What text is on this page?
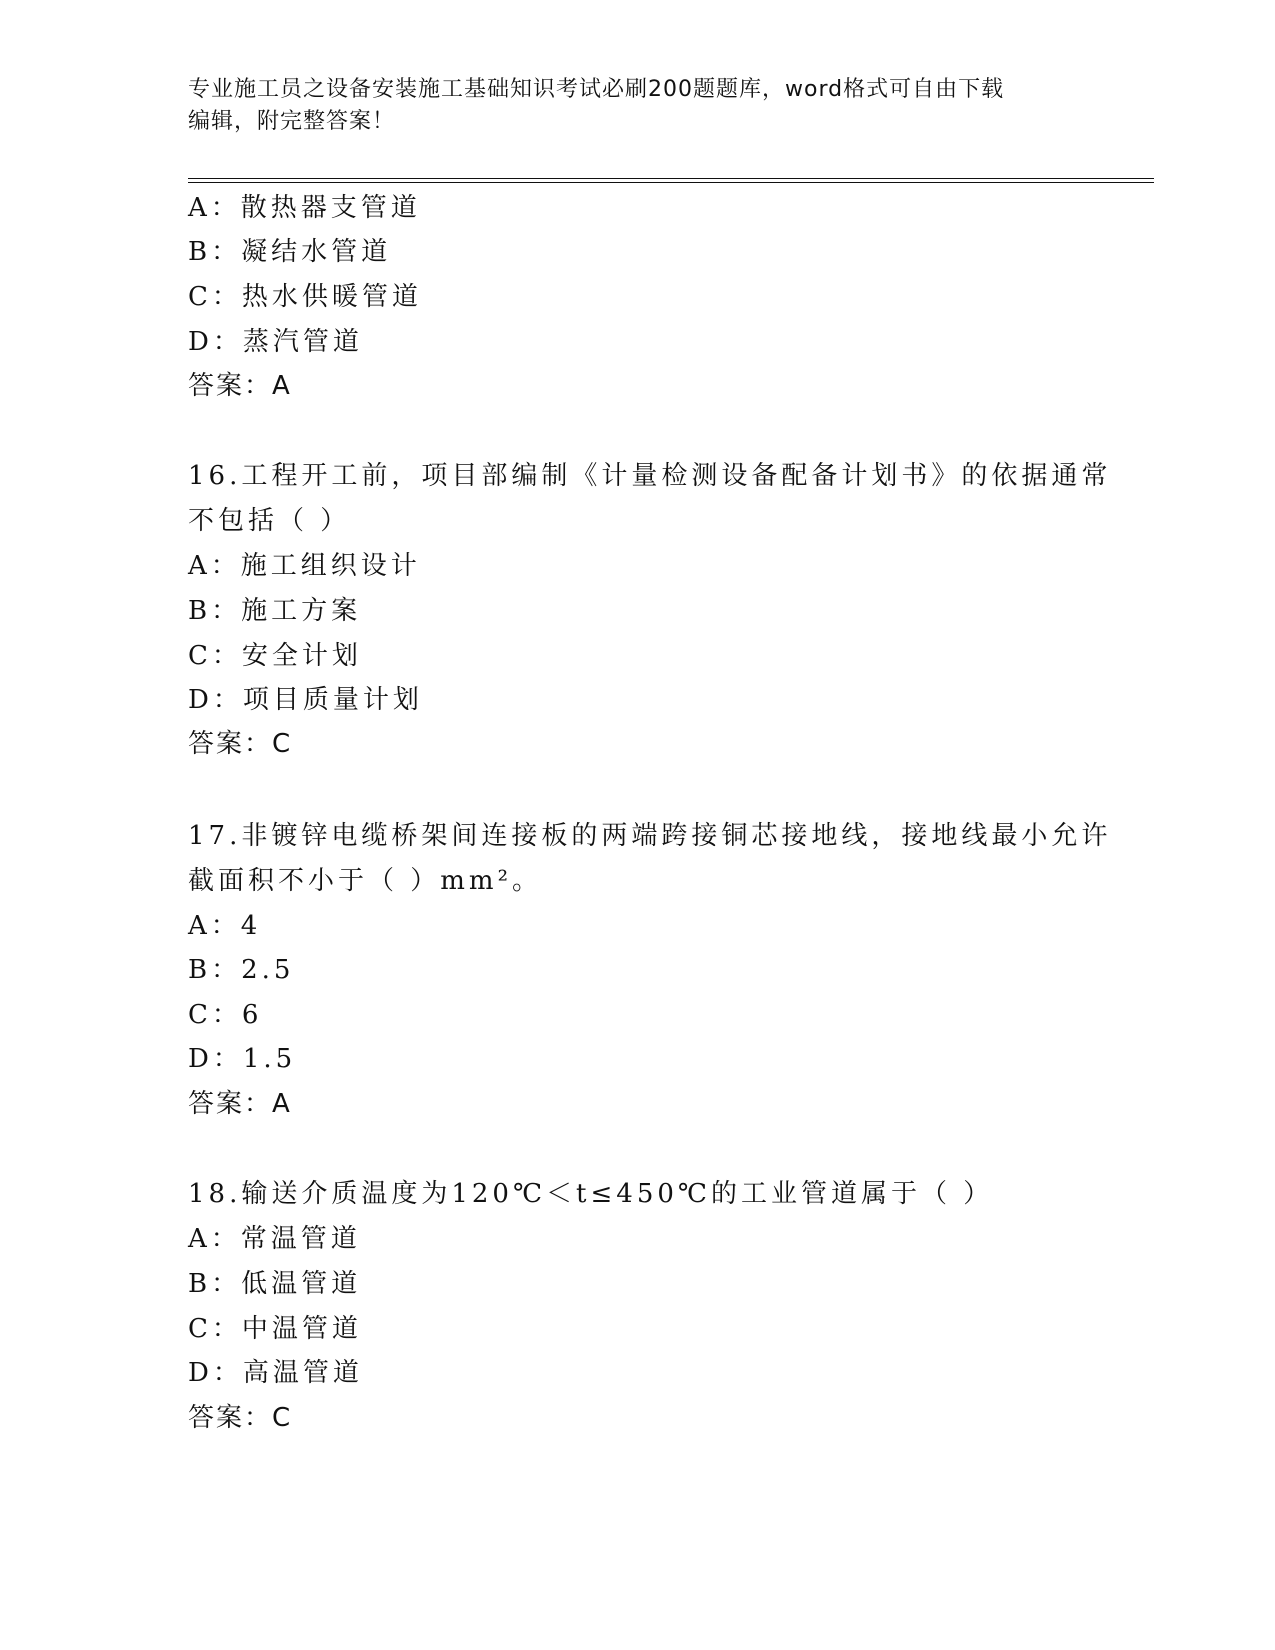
专业施工员之设备安装施工基础知识考试必刷200题题库，word格式可自由下载
编辑，附完整答案！
A：散热器支管道
B：凝结水管道
C：热水供暖管道
D：蒸汽管道
答案：A
16.工程开工前，项目部编制《计量检测设备配备计划书》的依据通常
不包括（ ）
A：施工组织设计
B：施工方案
C：安全计划
D：项目质量计划
答案：C
17.非镀锌电缆桥架间连接板的两端跨接铜芯接地线，接地线最小允许
截面积不小于（ ）mm²。
A：4
B：2.5
C：6
D：1.5
答案：A
18.输送介质温度为120℃＜t≤450℃的工业管道属于（ ）
A：常温管道
B：低温管道
C：中温管道
D：高温管道
答案：C
